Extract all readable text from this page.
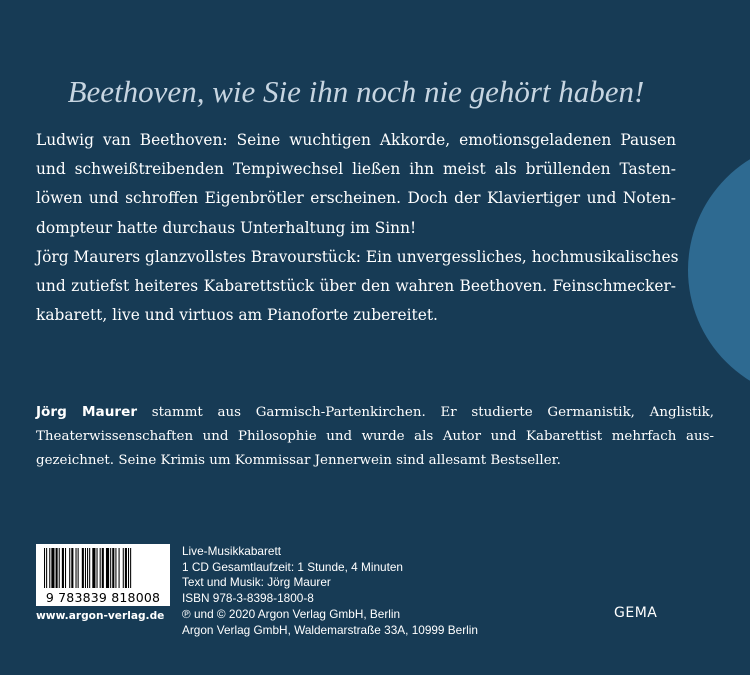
Beethoven, wie Sie ihn noch nie gehört haben!
Ludwig van Beethoven: Seine wuchtigen Akkorde, emotionsgeladenen Pausen
und schweißtreibenden Tempiwechsel ließen ihn meist als brüllenden Tasten-
löwen und schroffen Eigenbrötler erscheinen. Doch der Klaviertiger und Noten-
dompteur hatte durchaus Unterhaltung im Sinn!
Jörg Maurers glanzvollstes Bravourstück: Ein unvergessliches, hochmusikalisches
und zutiefst heiteres Kabarettstück über den wahren Beethoven. Feinschmecker-
kabarett, live und virtuos am Pianoforte zubereitet.
Jörg Maurer stammt aus Garmisch-Partenkirchen. Er studierte Germanistik, Anglistik,
Theaterwissenschaften und Philosophie und wurde als Autor und Kabarettist mehrfach aus-
gezeichnet. Seine Krimis um Kommissar Jennerwein sind allesamt Bestseller.
9 783839 818008
www.argon-verlag.de
Live-Musikkabarett
1 CD Gesamtlaufzeit: 1 Stunde, 4 Minuten
Text und Musik: Jörg Maurer
ISBN 978-3-8398-1800-8
℗ und © 2020 Argon Verlag GmbH, Berlin
Argon Verlag GmbH, Waldemarstraße 33A, 10999 Berlin
GEMA
